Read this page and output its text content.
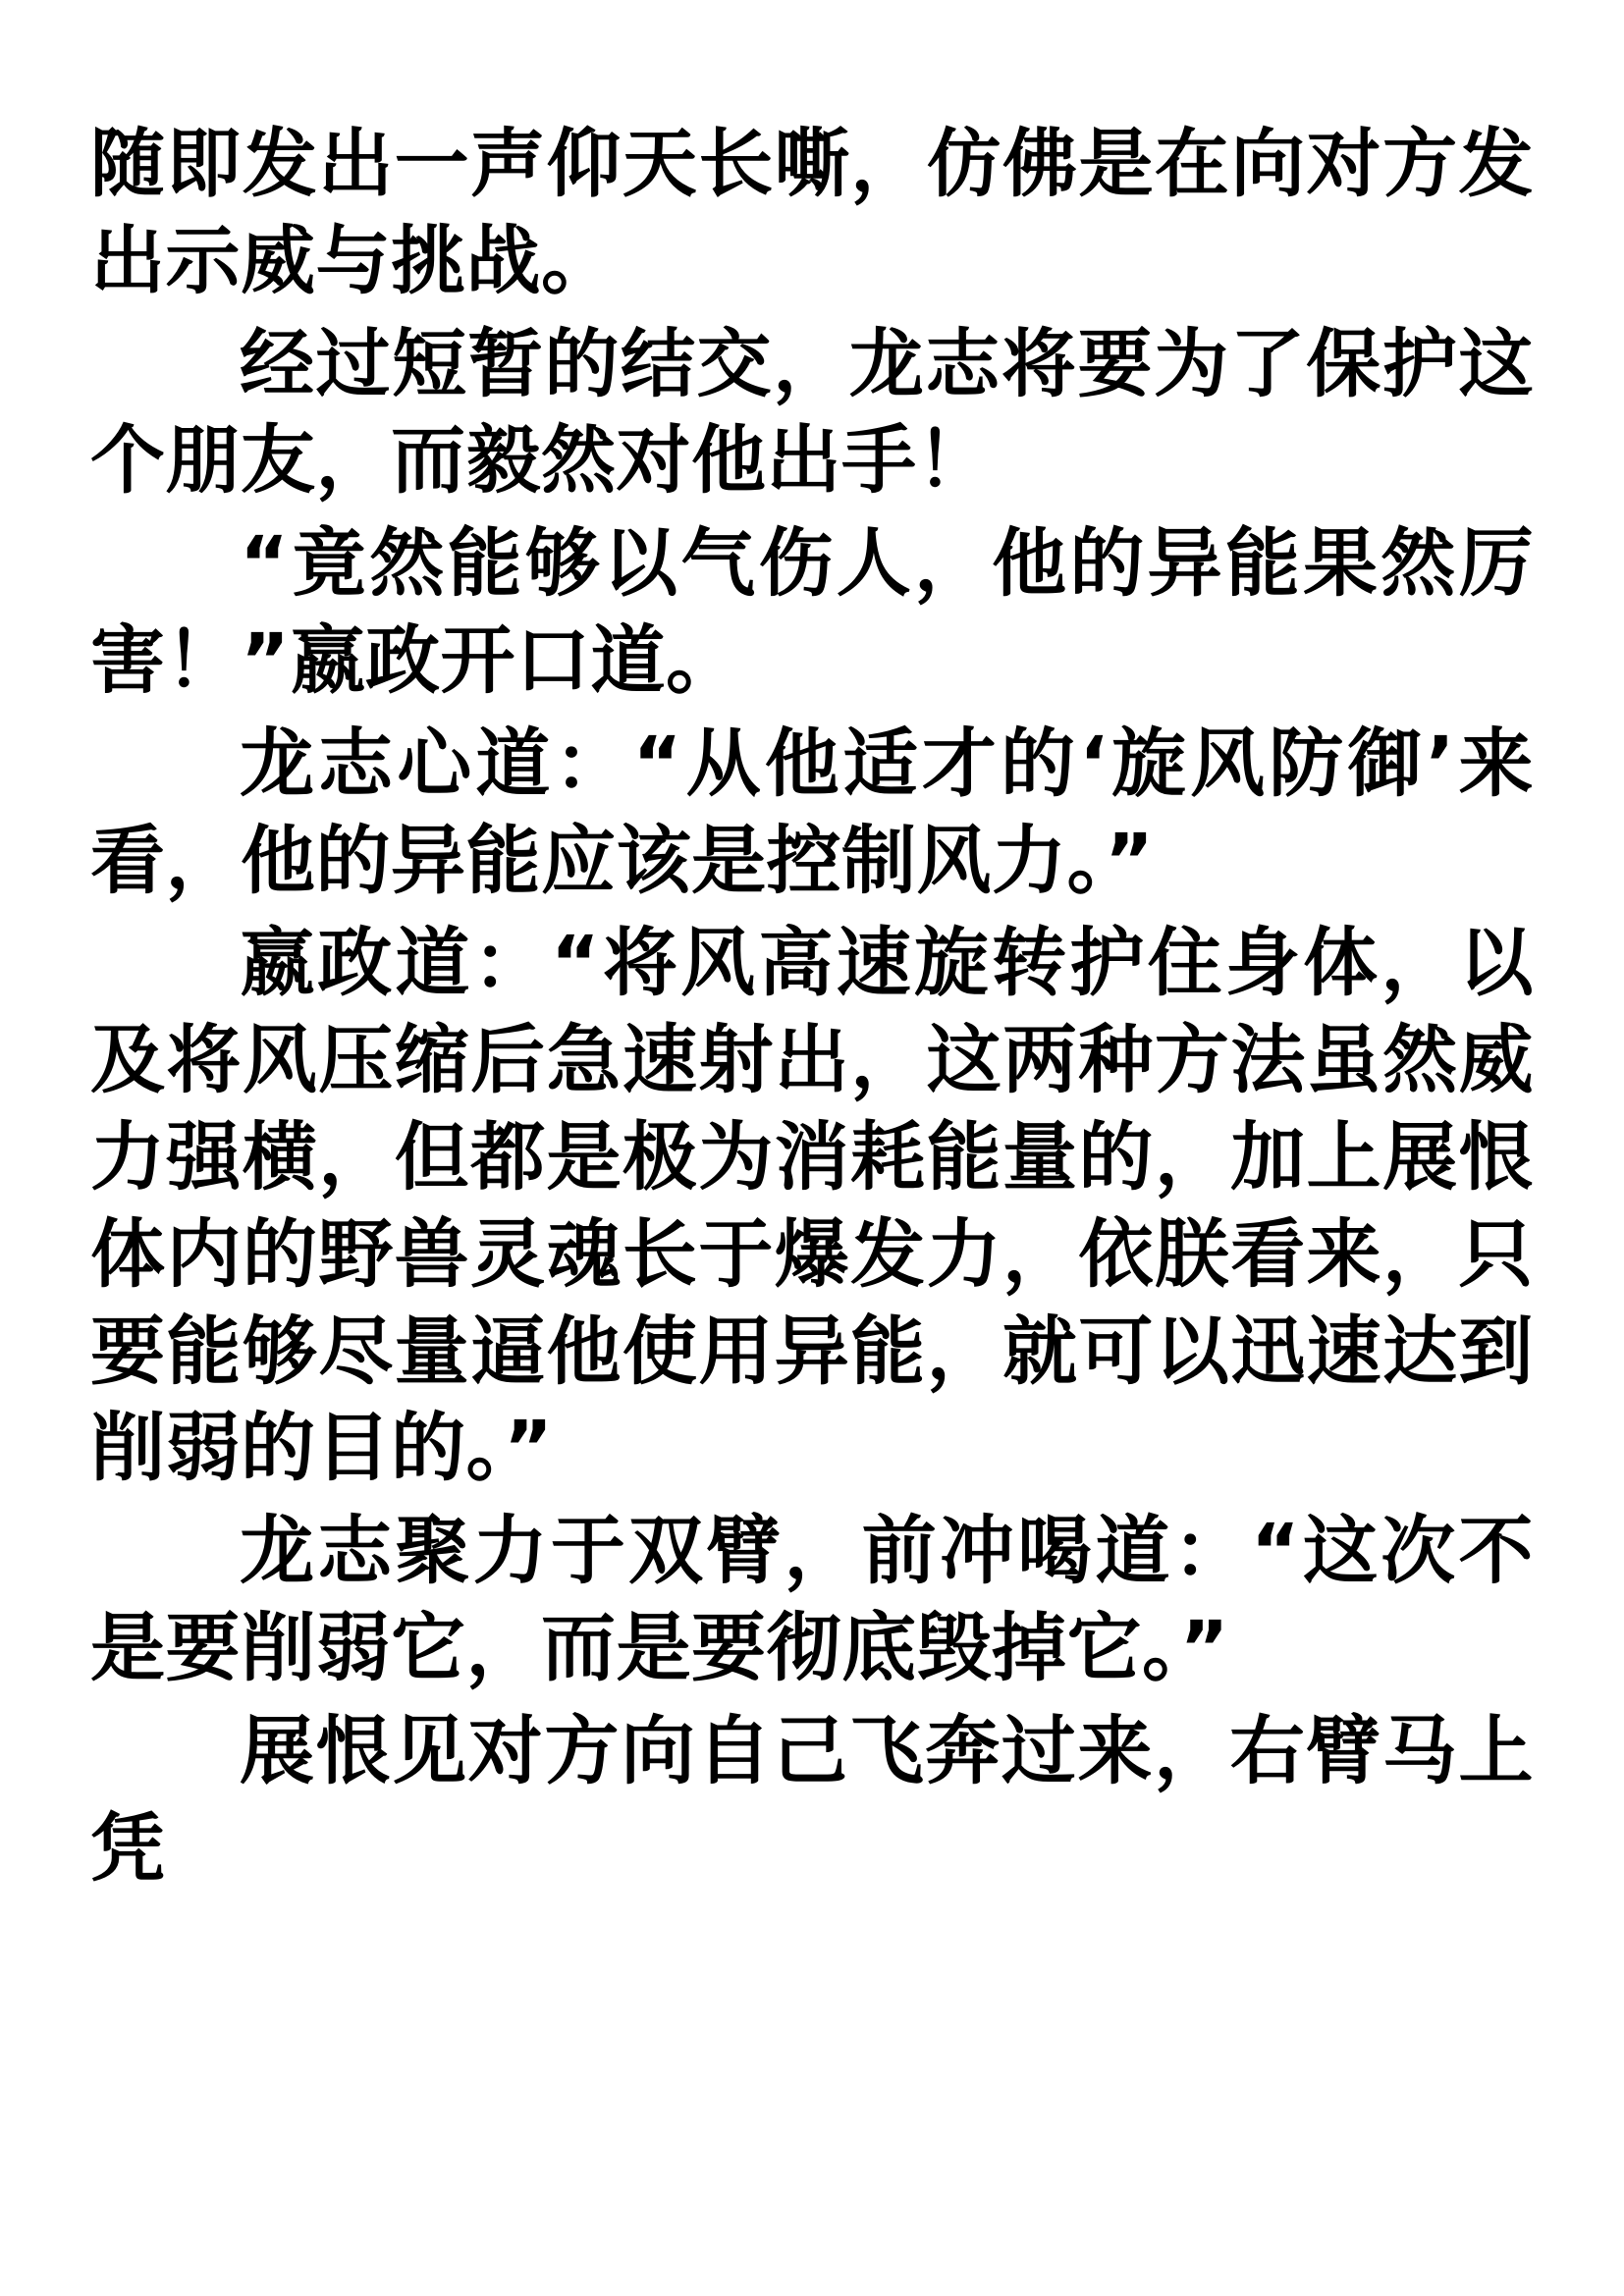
随即发出一声仰天长嘶，仿佛是在向对方发出示威与挑战。

经过短暂的结交，龙志将要为了保护这个朋友，而毅然对他出手！

“竟然能够以气伤人，他的异能果然厉害！”嬴政开口道。

龙志心道：“从他适才的‘旋风防御’来看，他的异能应该是控制风力。”

嬴政道：“将风高速旋转护住身体，以及将风压缩后急速射出，这两种方法虽然威力强横，但都是极为消耗能量的，加上展恨体内的野兽灵魂长于爆发力，依朕看来，只要能够尽量逼他使用异能，就可以迅速达到削弱的目的。”

龙志聚力于双臂，前冲喝道：“这次不是要削弱它，而是要彻底毁掉它。”

展恨见对方向自己飞奔过来，右臂马上凭
